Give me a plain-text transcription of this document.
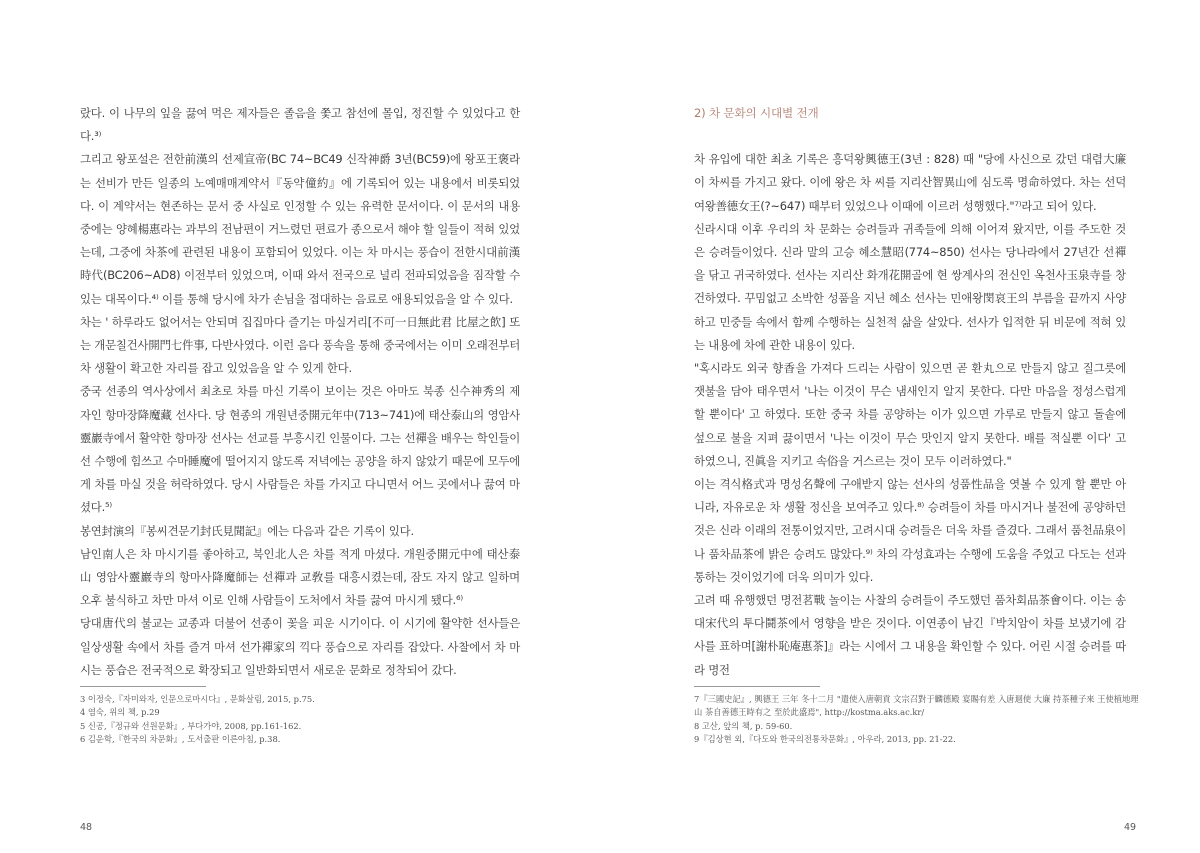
랐다. 이 나무의 잎을 끓여 먹은 제자들은 졸음을 쫓고 참선에 몰입, 정진할 수 있었다고 한다.³⁾

그리고 왕포설은 전한前漢의 선제宣帝(BC 74~BC49 신작神爵 3년(BC59)에 왕포王褒라는 선비가 만든 일종의 노예매매계약서『동약僮約』에 기록되어 있는 내용에서 비롯되었다. 이 계약서는 현존하는 문서 중 사실로 인정할 수 있는 유력한 문서이다. 이 문서의 내용 중에는 양혜楊惠라는 과부의 전남편이 거느렸던 편료가 종으로서 해야 할 일들이 적혀 있었는데, 그중에 차茶에 관련된 내용이 포함되어 있었다. 이는 차 마시는 풍습이 전한시대前漢時代(BC206~AD8) 이전부터 있었으며, 이때 와서 전국으로 널리 전파되었음을 짐작할 수 있는 대목이다.⁴⁾ 이를 통해 당시에 차가 손님을 접대하는 음료로 애용되었음을 알 수 있다.

차는 ' 하루라도 없어서는 안되며 집집마다 즐기는 마실거리[不可一日無此君 比屋之飲] 또는 개문칠건사開門七件事, 다반사였다. 이런 음다 풍속을 통해 중국에서는 이미 오래전부터 차 생활이 확고한 자리를 잡고 있었음을 알 수 있게 한다.

중국 선종의 역사상에서 최초로 차를 마신 기록이 보이는 것은 아마도 북종 신수神秀의 제자인 항마장降魔藏 선사다. 당 현종의 개원년중開元年中(713~741)에 태산泰山의 영암사靈巖寺에서 활약한 항마장 선사는 선교를 부흥시킨 인물이다. 그는 선禪을 배우는 학인들이 선 수행에 힘쓰고 수마睡魔에 떨어지지 않도록 저녁에는 공양을 하지 않았기 때문에 모두에게 차를 마실 것을 허락하였다. 당시 사람들은 차를 가지고 다니면서 어느 곳에서나 끓여 마셨다.⁵⁾

봉연封演의『봉씨견문기封氏見聞記』에는 다음과 같은 기록이 있다.

남인南人은 차 마시기를 좋아하고, 북인北人은 차를 적게 마셨다. 개원중開元中에 태산泰山 영암사靈巖寺의 항마사降魔師는 선禪과 교敎를 대흥시켰는데, 잠도 자지 않고 일하며 오후 불식하고 차만 마셔 이로 인해 사람들이 도처에서 차를 끓여 마시게 됐다.⁶⁾

당대唐代의 불교는 교종과 더불어 선종이 꽃을 피운 시기이다. 이 시기에 활약한 선사들은 일상생활 속에서 차를 즐겨 마셔 선가禪家의 끽다 풍습으로 자리를 잡았다. 사찰에서 차 마시는 풍습은 전국적으로 확장되고 일반화되면서 새로운 문화로 정착되어 갔다.

3 이정숙,『자미와자, 인문으로마시다』, 문화살림, 2015, p.75.

4 염숙, 위의 책, p.29

5 신공,『정규와 선원문화』, 부다가야, 2008, pp.161-162.

6 김운학,『한국의 차문화』, 도서출판 이른아침, p.38.

48

2) 차 문화의 시대별 전개

차 유입에 대한 최초 기록은 흥덕왕興德王(3년 : 828) 때 "당에 사신으로 갔던 대렴大廉이 차씨를 가지고 왔다. 이에 왕은 차 씨를 지리산智異山에 심도록 명命하였다. 차는 선덕여왕善德女王(?~647) 때부터 있었으나 이때에 이르러 성행했다."⁷⁾라고 되어 있다.

신라시대 이후 우리의 차 문화는 승려들과 귀족들에 의해 이어져 왔지만, 이를 주도한 것은 승려들이었다. 신라 말의 고승 혜소慧昭(774~850) 선사는 당나라에서 27년간 선禪을 닦고 귀국하였다. 선사는 지리산 화개花開골에 현 쌍계사의 전신인 옥천사玉泉寺를 창건하였다. 꾸밈없고 소박한 성품을 지닌 혜소 선사는 민애왕閔哀王의 부름을 끝까지 사양하고 민중들 속에서 함께 수행하는 실천적 삶을 살았다. 선사가 입적한 뒤 비문에 적혀 있는 내용에 차에 관한 내용이 있다.

"혹시라도 외국 향香을 가져다 드리는 사람이 있으면 곧 환丸으로 만들지 않고 질그릇에 잿불을 담아 태우면서 '나는 이것이 무슨 냄새인지 알지 못한다. 다만 마음을 정성스럽게 할 뿐이다' 고 하였다. 또한 중국 차를 공양하는 이가 있으면 가루로 만들지 않고 돌솥에 섶으로 불을 지펴 끓이면서 '나는 이것이 무슨 맛인지 알지 못한다. 배를 적실뿐 이다' 고 하였으니, 진眞을 지키고 속俗을 거스르는 것이 모두 이러하였다."

이는 격식格式과 명성名聲에 구애받지 않는 선사의 성품性品을 엿볼 수 있게 할 뿐만 아니라, 자유로운 차 생활 정신을 보여주고 있다.⁸⁾ 승려들이 차를 마시거나 불전에 공양하던 것은 신라 이래의 전통이었지만, 고려시대 승려들은 더욱 차를 즐겼다. 그래서 품천品泉이나 품차品茶에 밝은 승려도 많았다.⁹⁾ 차의 각성효과는 수행에 도움을 주었고 다도는 선과 통하는 것이었기에 더욱 의미가 있다.

고려 때 유행했던 명전茗戰 놀이는 사찰의 승려들이 주도했던 품차회品茶會이다. 이는 송대宋代의 투다鬪茶에서 영향을 받은 것이다. 이연종이 남긴『박치암이 차를 보냈기에 감사를 표하며[謝朴恥庵惠茶]』라는 시에서 그 내용을 확인할 수 있다. 어린 시절 승려를 따라 명전

7『三國史記』, 興德王 三年 冬十二月 "遣使入唐朝貢 文宗召對于麟德殿 宴賜有差 入唐迴使 大廉 持茶種子來 王使植地理山 茶自善德王時有之 至於此盛焉", http://kostma.aks.ac.kr/

8 고산, 앞의 책, p. 59-60.

9『김상현 외,『다도와 한국의전통차문화』, 아우라, 2013, pp. 21-22.

49
